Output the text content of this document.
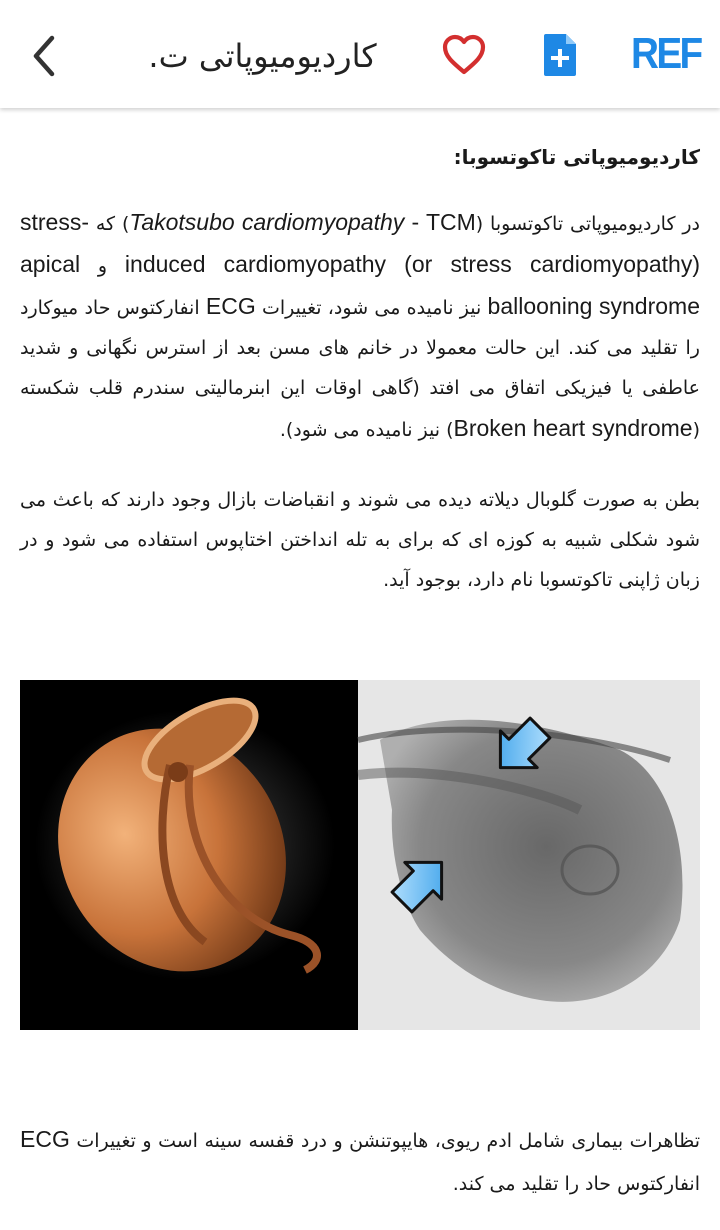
کاردیومیوپاتی ت.	REF
کاردیومیوپاتی تاکوتسوبا:

در کاردیومیوپاتی تاکوتسوبا (Takotsubo cardiomyopathy - TCM) که stress-induced cardiomyopathy (or stress cardiomyopathy) و apical ballooning syndrome نیز نامیده می شود، تغییرات ECG انفارکتوس حاد میوکارد را تقلید می کند. این حالت معمولا در خانم های مسن بعد از استرس نگهانی و شدید عاطفی یا فیزیکی اتفاق می افتد (گاهی اوقات این ابنرمالیتی سندرم قلب شکسته (Broken heart syndrome) نیز نامیده می شود).

بطن به صورت گلوبال دیلاته دیده می شوند و انقباضات بازال وجود دارند که باعث می شود شکلی شبیه به کوزه ای که برای به تله انداختن اختاپوس استفاده می شود و در زبان ژاپنی تاکوتسوبا نام دارد، بوجود آید.

تظاهرات بیماری شامل ادم ریوی، هایپوتنشن و درد قفسه سینه است و تغییرات ECG انفارکتوس حاد را تقلید می کند.
